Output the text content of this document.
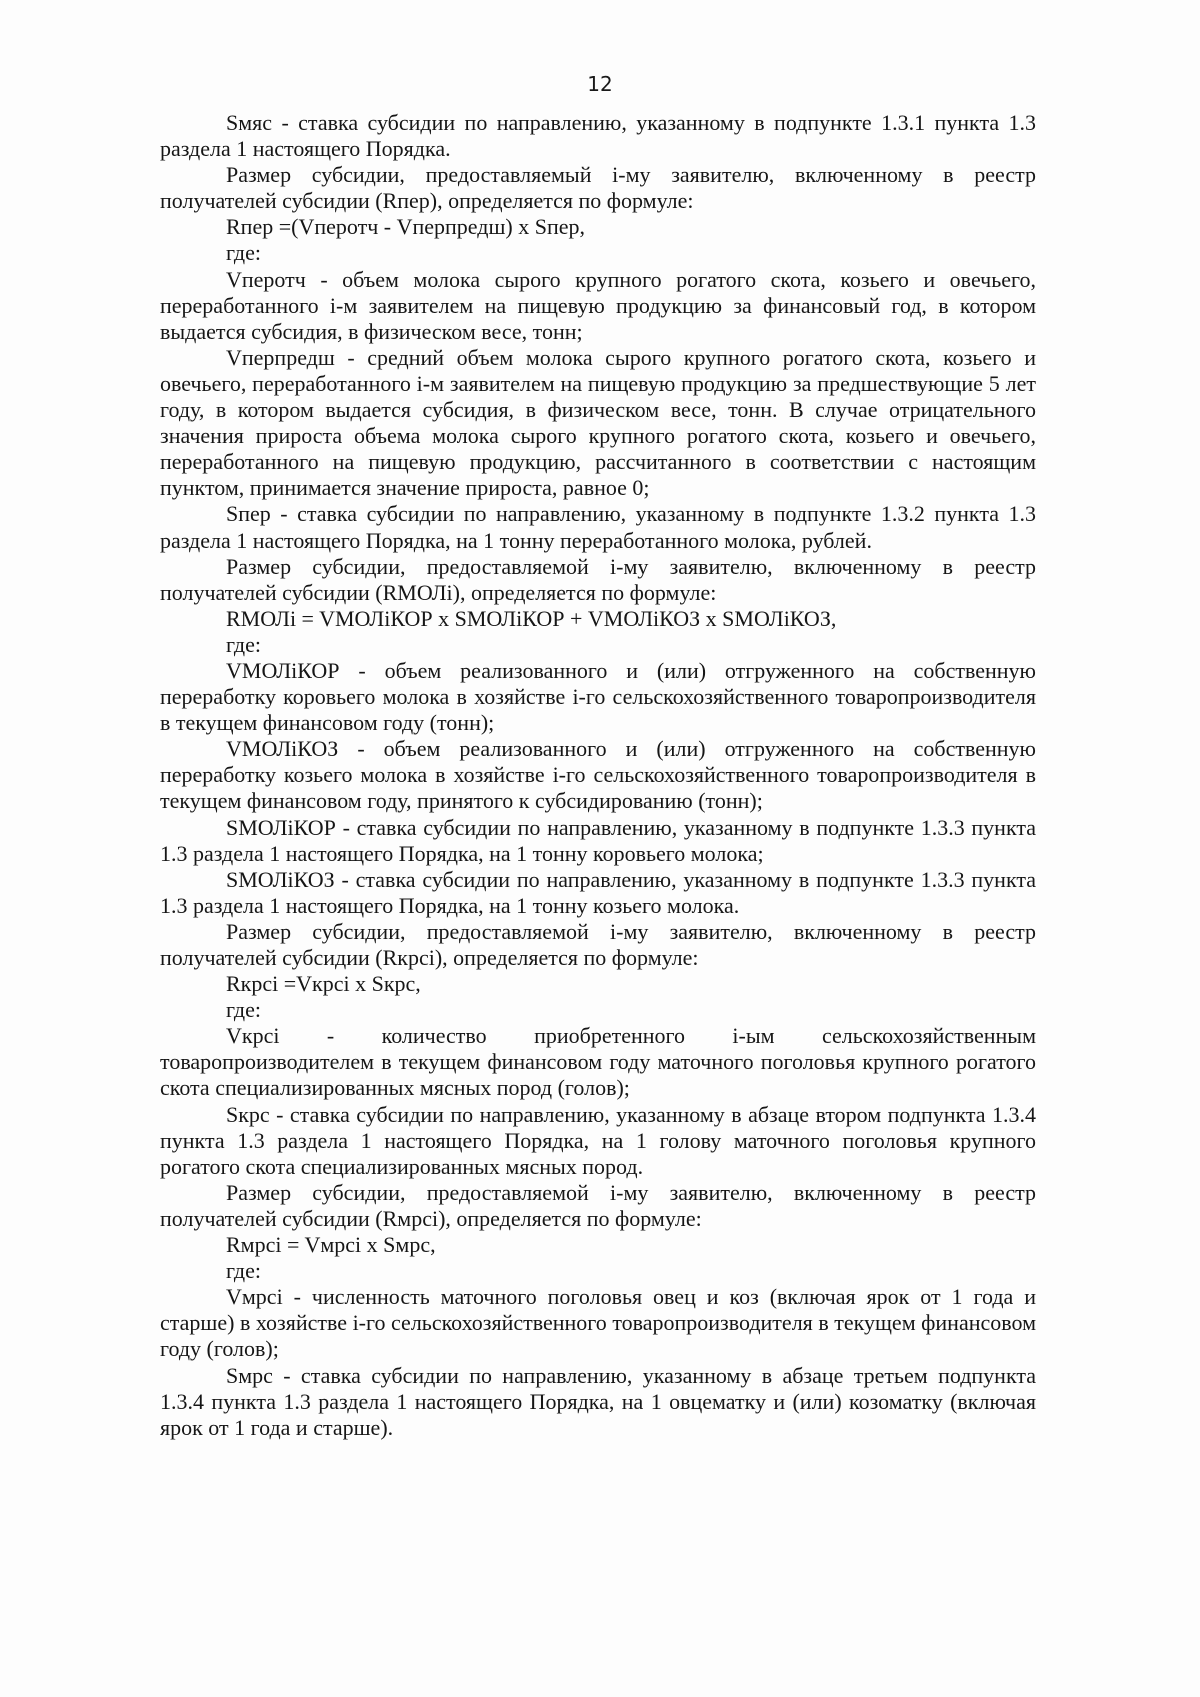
12

Sмяс - ставка субсидии по направлению, указанному в подпункте 1.3.1 пункта 1.3 раздела 1 настоящего Порядка.

Размер субсидии, предоставляемый i-му заявителю, включенному в реестр получателей субсидии (Rпер), определяется по формуле:

Rпер =(Vперотч - Vперпредш) x Sпер,

где:

Vперотч - объем молока сырого крупного рогатого скота, козьего и овечьего, переработанного i-м заявителем на пищевую продукцию за финансовый год, в котором выдается субсидия, в физическом весе, тонн;

Vперпредш - средний объем молока сырого крупного рогатого скота, козьего и овечьего, переработанного i-м заявителем на пищевую продукцию за предшествующие 5 лет году, в котором выдается субсидия, в физическом весе, тонн. В случае отрицательного значения прироста объема молока сырого крупного рогатого скота, козьего и овечьего, переработанного на пищевую продукцию, рассчитанного в соответствии с настоящим пунктом, принимается значение прироста, равное 0;

Sпер - ставка субсидии по направлению, указанному в подпункте 1.3.2 пункта 1.3 раздела 1 настоящего Порядка, на 1 тонну переработанного молока, рублей.

Размер субсидии, предоставляемой i-му заявителю, включенному в реестр получателей субсидии (RМОЛi), определяется по формуле:

RМОЛi = VМОЛiКОР x SМОЛiКОР + VМОЛiКОЗ x SМОЛiКОЗ,

где:

VМОЛiКОР - объем реализованного и (или) отгруженного на собственную переработку коровьего молока в хозяйстве i-го сельскохозяйственного товаропроизводителя в текущем финансовом году (тонн);

VМОЛiКОЗ - объем реализованного и (или) отгруженного на собственную переработку козьего молока в хозяйстве i-го сельскохозяйственного товаропроизводителя в текущем финансовом году, принятого к субсидированию (тонн);

SМОЛiКОР - ставка субсидии по направлению, указанному в подпункте 1.3.3 пункта 1.3 раздела 1 настоящего Порядка, на 1 тонну коровьего молока;

SМОЛiКОЗ - ставка субсидии по направлению, указанному в подпункте 1.3.3 пункта 1.3 раздела 1 настоящего Порядка, на 1 тонну козьего молока.

Размер субсидии, предоставляемой i-му заявителю, включенному в реестр получателей субсидии (Rкрсi), определяется по формуле:

Rкрсi =Vкрсi x Sкрс,

где:

Vкрсi - количество приобретенного i-ым сельскохозяйственным товаропроизводителем в текущем финансовом году маточного поголовья крупного рогатого скота специализированных мясных пород (голов);

Sкрс - ставка субсидии по направлению, указанному в абзаце втором подпункта 1.3.4 пункта 1.3 раздела 1 настоящего Порядка, на 1 голову маточного поголовья крупного рогатого скота специализированных мясных пород.

Размер субсидии, предоставляемой i-му заявителю, включенному в реестр получателей субсидии (Rмрсi), определяется по формуле:

Rмрсi = Vмрсi x Sмрс,

где:

Vмрсi - численность маточного поголовья овец и коз (включая ярок от 1 года и старше) в хозяйстве i-го сельскохозяйственного товаропроизводителя в текущем финансовом году (голов);

Sмрс - ставка субсидии по направлению, указанному в абзаце третьем подпункта 1.3.4 пункта 1.3 раздела 1 настоящего Порядка, на 1 овцематку и (или) козоматку (включая ярок от 1 года и старше).
